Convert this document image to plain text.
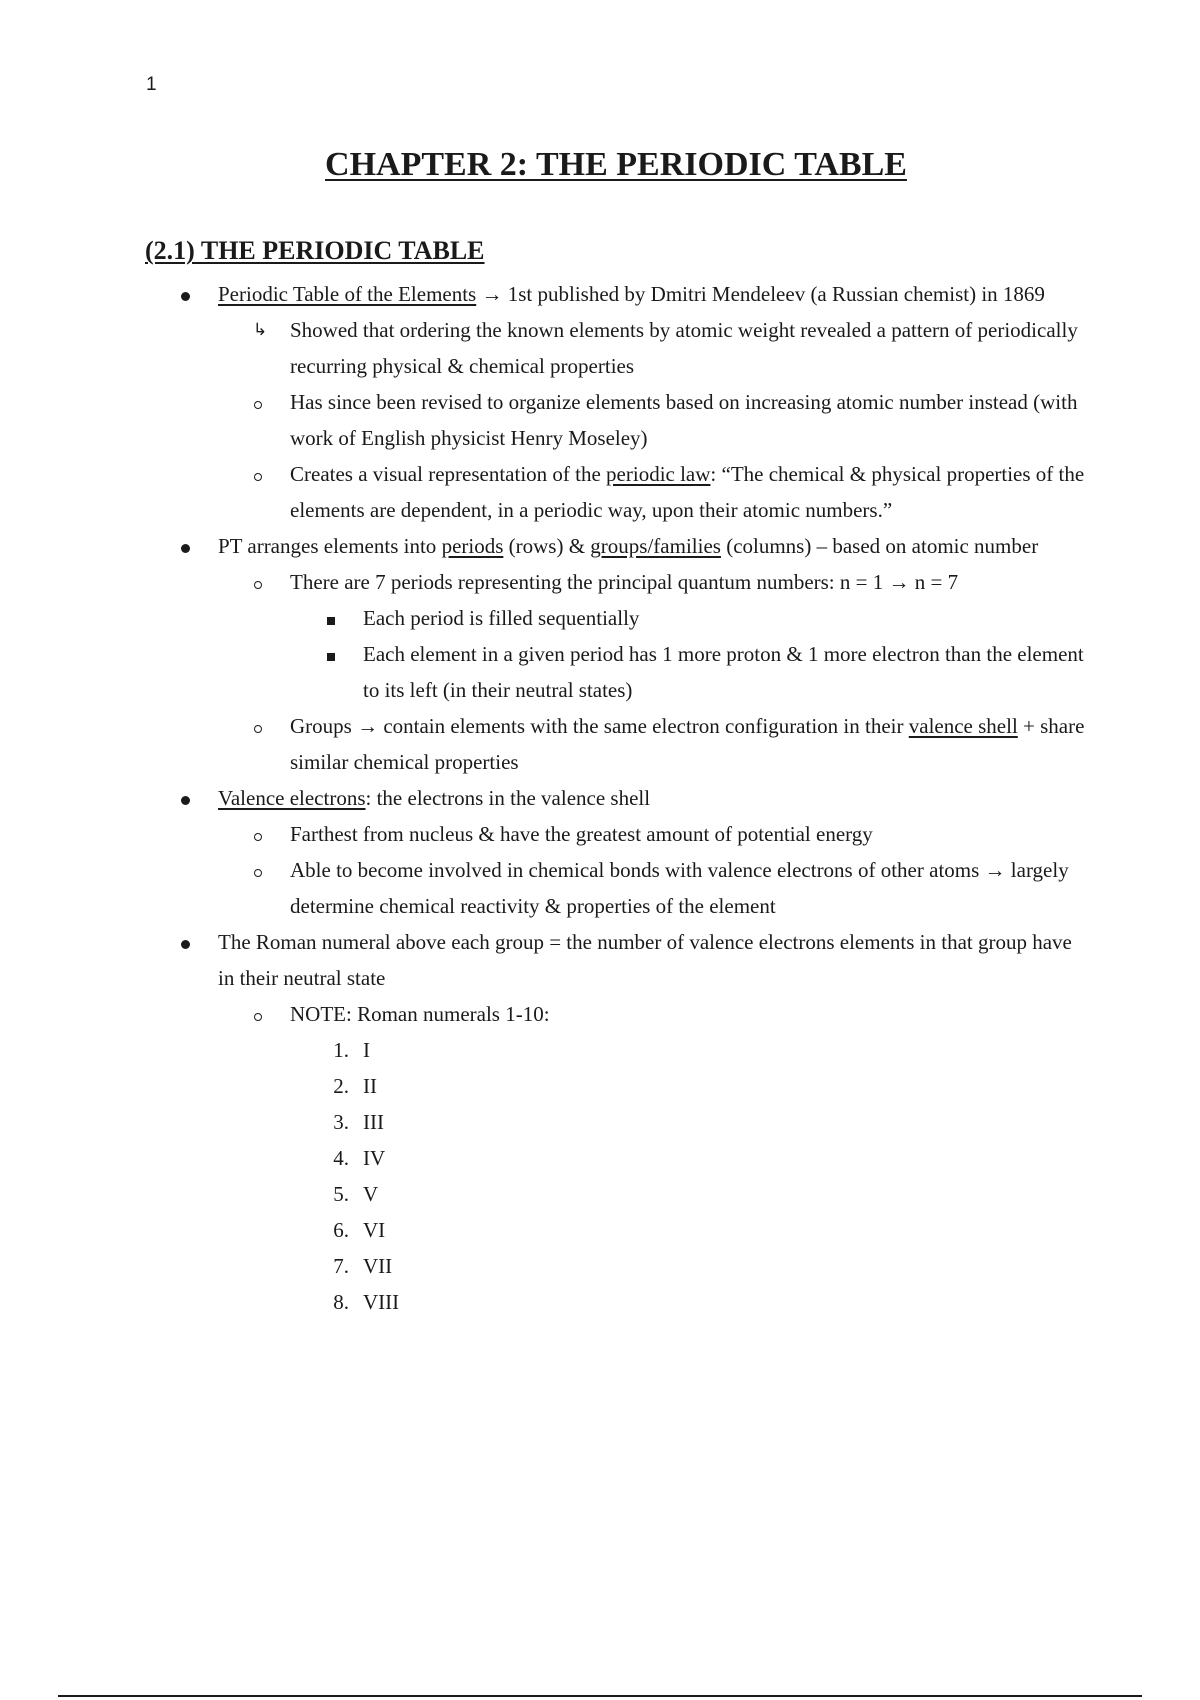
1
CHAPTER 2: THE PERIODIC TABLE
(2.1) THE PERIODIC TABLE
Periodic Table of the Elements → 1st published by Dmitri Mendeleev (a Russian chemist) in 1869
↳ Showed that ordering the known elements by atomic weight revealed a pattern of periodically recurring physical & chemical properties
Has since been revised to organize elements based on increasing atomic number instead (with work of English physicist Henry Moseley)
Creates a visual representation of the periodic law: “The chemical & physical properties of the elements are dependent, in a periodic way, upon their atomic numbers.”
PT arranges elements into periods (rows) & groups/families (columns) – based on atomic number
There are 7 periods representing the principal quantum numbers: n = 1 → n = 7
Each period is filled sequentially
Each element in a given period has 1 more proton & 1 more electron than the element to its left (in their neutral states)
Groups → contain elements with the same electron configuration in their valence shell + share similar chemical properties
Valence electrons: the electrons in the valence shell
Farthest from nucleus & have the greatest amount of potential energy
Able to become involved in chemical bonds with valence electrons of other atoms → largely determine chemical reactivity & properties of the element
The Roman numeral above each group = the number of valence electrons elements in that group have in their neutral state
NOTE: Roman numerals 1-10:
1. I
2. II
3. III
4. IV
5. V
6. VI
7. VII
8. VIII
